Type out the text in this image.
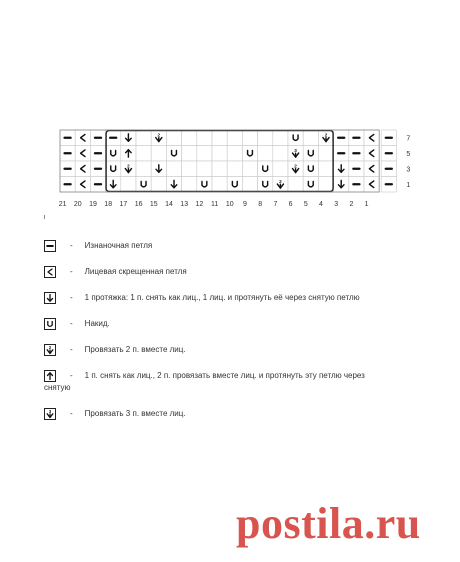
2	2
3
2	2
2
7
5
3
1
21 20 19 18 17 16 15 14 13 12 11 10 9 8 7 6 5 4 3 2 1
- Изнаночная петля
- Лицевая скрещенная петля
- 1 протяжка: 1 п. снять как лиц., 1 лиц. и протянуть её через снятую петлю
- Накид.
2 - Провязать 2 п. вместе лиц.
- 1 п. снять как лиц., 2 п. провязать вместе лиц. и протянуть эту петлю через
снятую
3 - Провязать 3 п. вместе лиц.
postila.ru
